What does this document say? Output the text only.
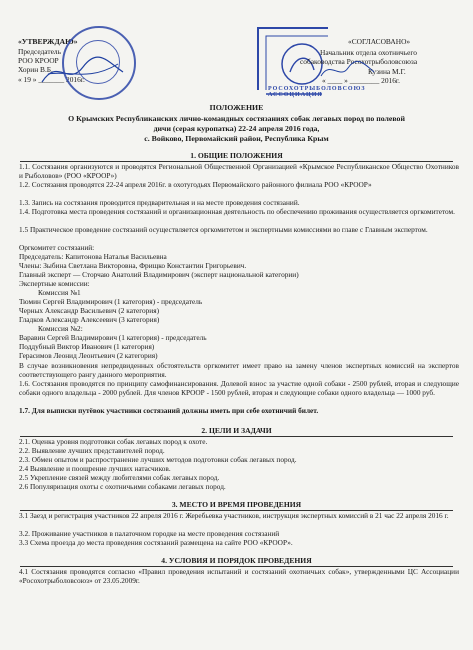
«УТВЕРЖДАЮ»
Председатель
РОО КРООР
Хорин В.Б.
« 19 » _______ 2016г.
РОСОХОТРЫБОЛОВСОЮЗ АССОЦИАЦИЯ
«СОГЛАСОВАНО»
Начальник отдела охотничьего
собаководства Росохотрыболовсоюза
Кузина М.Г.
« ____ » ________ 2016г.
ПОЛОЖЕНИЕ
О Крымских Республиканских лично-командных состязаниях собак легавых пород по полевой
дичи (серая куропатка) 22-24 апреля 2016 года,
с. Войково, Первомайский район, Республика Крым
1. ОБЩИЕ ПОЛОЖЕНИЯ
1.1. Состязания организуются и проводятся Региональной Общественной Организацией «Крымское Республиканское Общество Охотников и Рыболовов» (РОО «КРООР»)
1.2. Состязания проводятся 22-24 апреля 2016г. в охотугодьях Первомайского районного филиала РОО «КРООР»
1.3. Запись на состязания проводится предварительная и на месте проведения состязаний.
1.4. Подготовка места проведения состязаний и организационная деятельность по обеспечению проживания осуществляется оргкомитетом.
1.5 Практическое проведение состязаний осуществляется оргкомитетом и экспертными комиссиями во главе с Главным экспертом.
Оргкомитет состязаний:
Председатель: Капитонова Наталья Васильевна
Члены: Зыбина Светлана Викторовна, Фрищко Константин Григорьевич.
Главный эксперт — Сторчаю Анатолий Владимирович (эксперт национальной категории)
Экспертные комиссии:
Комиссия №1
Тюмин Сергей Владимирович (1 категория) - председатель
Черных Александр Васильевич (2 категория)
Гладков Александр Алексеевич (3 категория)
Комиссия №2:
Варавин Сергей Владимирович (1 категория) - председатель
Поддубный Виктор Иванович (1 категория)
Герасимов Леонид Леонтьевич (2 категория)
В случае возникновения непредвиденных обстоятельств оргкомитет имеет право на замену членов экспертных комиссий на экспертов соответствующего рангу данного мероприятия.
1.6. Состязания проводятся по принципу самофинансирования. Долевой взнос за участие одной собаки - 2500 рублей, вторая и следующие собаки одного владельца - 2000 рублей. Для членов КРООР - 1500 рублей, вторая и следующие собаки одного владельца — 1000 руб.
1.7. Для выписки путёвок участники состязаний должны иметь при себе охотничий билет.
2. ЦЕЛИ И ЗАДАЧИ
2.1. Оценка уровня подготовки собак легавых пород к охоте.
2.2. Выявление лучших представителей пород.
2.3. Обмен опытом и распространение лучших методов подготовки собак легавых пород.
2.4 Выявление и поощрение лучших натасчиков.
2.5 Укрепление связей между любителями собак легавых пород.
2.6 Популяризация охоты с охотничьими собаками легавых пород.
3. МЕСТО И ВРЕМЯ ПРОВЕДЕНИЯ
3.1 Заезд и регистрация участников 22 апреля 2016 г. Жеребьевка участников, инструкция экспертных комиссий в 21 час 22 апреля 2016 г.
3.2. Проживание участников в палаточном городке на месте проведения состязаний
3.3 Схема проезда до места проведения состязаний размещена на сайте РОО «КРООР».
4. УСЛОВИЯ И ПОРЯДОК ПРОВЕДЕНИЯ
4.1 Состязания проводятся согласно «Правил проведения испытаний и состязаний охотничьих собак», утвержденными ЦС Ассоциации «Росохотрыболовсоюз» от 23.05.2009г.
